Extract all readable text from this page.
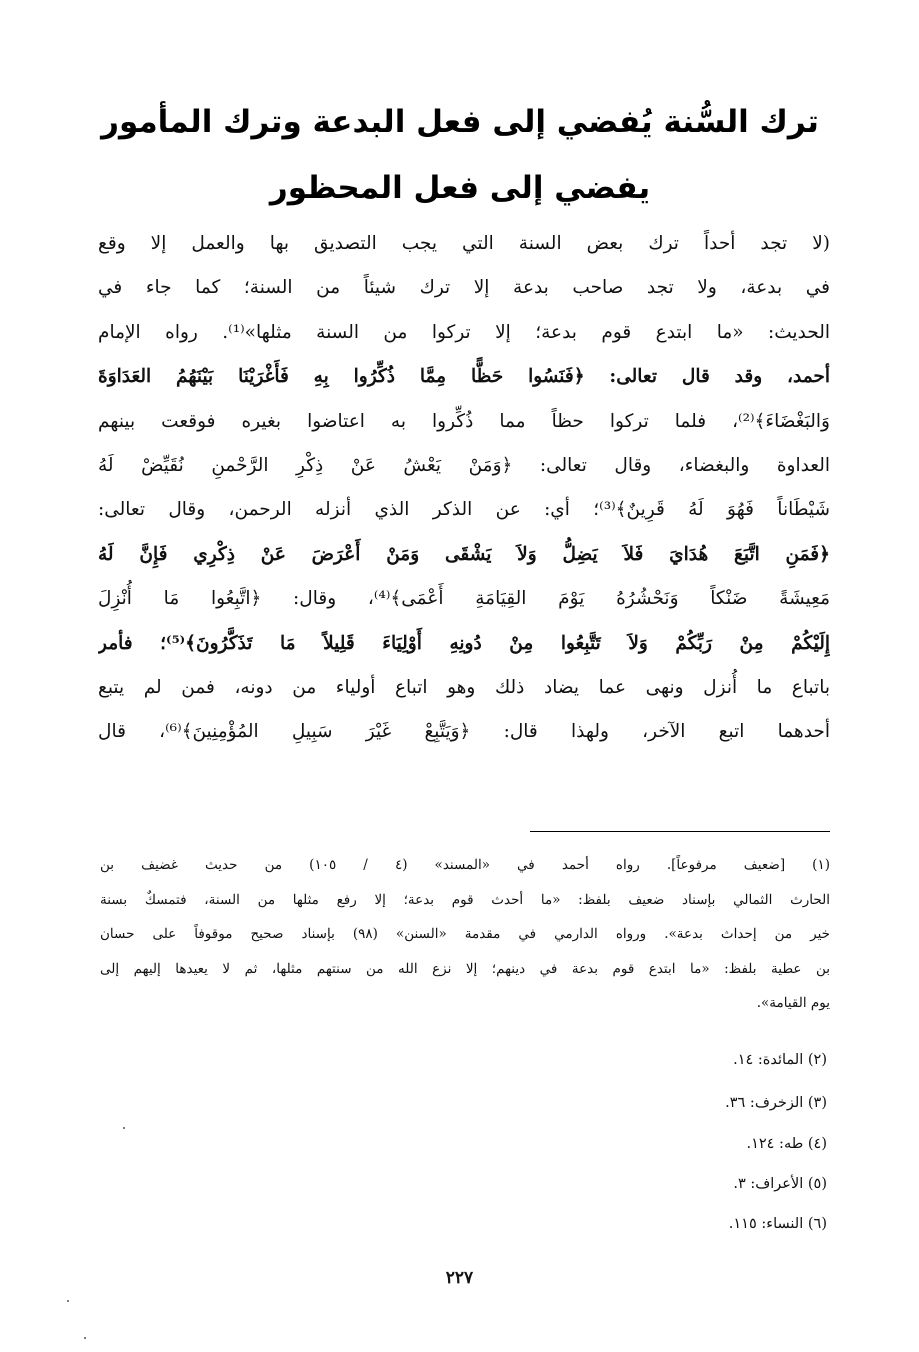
ترك السُّنة يُفضي إلى فعل البدعة وترك المأمور
يفضي إلى فعل المحظور
(لا تجد أحداً ترك بعض السنة التي يجب التصديق بها والعمل إلا وقع
في بدعة، ولا تجد صاحب بدعة إلا ترك شيئاً من السنة؛ كما جاء في
الحديث: «ما ابتدع قوم بدعة؛ إلا تركوا من السنة مثلها»⁽¹⁾. رواه الإمام
أحمد، وقد قال تعالى: ﴿فَنَسُوا حَظًّا مِمَّا ذُكِّرُوا بِهِ فَأَغْرَيْنَا بَيْنَهُمُ العَدَاوَةَ
وَالبَغْضَاءَ﴾⁽²⁾، فلما تركوا حظاً مما ذُكِّروا به اعتاضوا بغيره فوقعت بينهم
العداوة والبغضاء، وقال تعالى: ﴿وَمَنْ يَعْشُ عَنْ ذِكْرِ الرَّحْمنِ نُقَيِّضْ لَهُ
شَيْطَاناً فَهُوَ لَهُ قَرِينٌ﴾⁽³⁾؛ أي: عن الذكر الذي أنزله الرحمن، وقال تعالى:
﴿فَمَنِ اتَّبَعَ هُدَايَ فَلاَ يَضِلُّ وَلاَ يَشْقَى وَمَنْ أَعْرَضَ عَنْ ذِكْرِي فَإِنَّ لَهُ
مَعِيشَةً ضَنْكاً وَنَحْشُرُهُ يَوْمَ القِيَامَةِ أَعْمَى﴾⁽⁴⁾، وقال: ﴿اتَّبِعُوا مَا أُنْزِلَ
إِلَيْكُمْ مِنْ رَبِّكُمْ وَلاَ تَتَّبِعُوا مِنْ دُونِهِ أَوْلِيَاءَ قَلِيلاً مَا تَذَكَّرُونَ﴾⁽⁵⁾؛ فأمر
باتباع ما أُنزل ونهى عما يضاد ذلك وهو اتباع أولياء من دونه، فمن لم يتبع
أحدهما اتبع الآخر، ولهذا قال: ﴿وَيَتَّبِعْ غَيْرَ سَبِيلِ المُؤْمِنِينَ﴾⁽⁶⁾، قال
(١) [ضعيف مرفوعاً]. رواه أحمد في «المسند» (٤ / ١٠٥) من حديث غضيف بن
الحارث الثمالي بإسناد ضعيف بلفظ: «ما أحدث قوم بدعة؛ إلا رفع مثلها من السنة، فتمسكٌ بسنة
خير من إحداث بدعة». ورواه الدارمي في مقدمة «السنن» (٩٨) بإسناد صحيح موقوفاً على حسان
بن عطية بلفظ: «ما ابتدع قوم بدعة في دينهم؛ إلا نزع الله من سنتهم مثلها، ثم لا يعيدها إليهم إلى
يوم القيامة».
(٢) المائدة: ١٤.
(٣) الزخرف: ٣٦.
(٤) طه: ١٢٤.
(٥) الأعراف: ٣.
(٦) النساء: ١١٥.
٢٢٧
